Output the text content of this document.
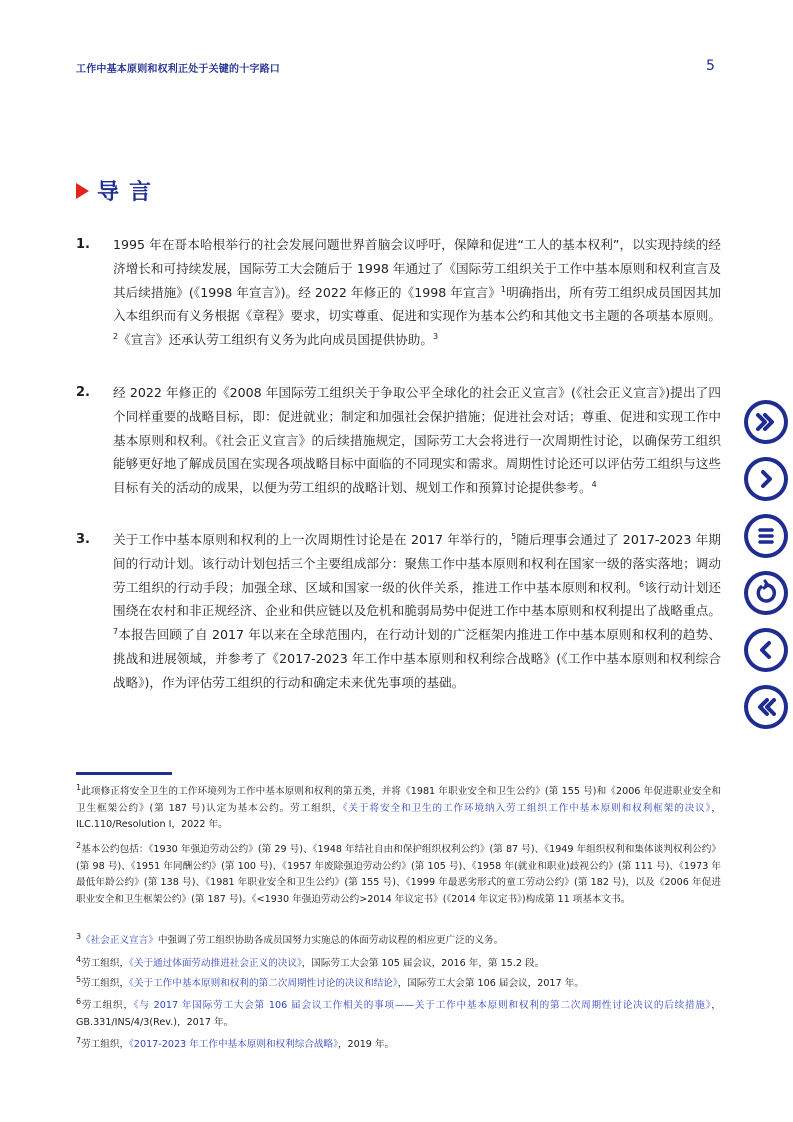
工作中基本原则和权利正处于关键的十字路口	5
导言
1.	1995 年在哥本哈根举行的社会发展问题世界首脑会议呼吁，保障和促进“工人的基本权利”，以实现持续的经济增长和可持续发展，国际劳工大会随后于 1998 年通过了《国际劳工组织关于工作中基本原则和权利宣言及其后续措施》(《1998 年宣言》)。经 2022 年修正的《1998 年宣言》$^1$明确指出，所有劳工组织成员国因其加入本组织而有义务根据《章程》要求，切实尊重、促进和实现作为基本公约和其他文书主题的各项基本原则。$^2$《宣言》还承认劳工组织有义务为此向成员国提供协助。$^3$
2.	经 2022 年修正的《2008 年国际劳工组织关于争取公平全球化的社会正义宣言》(《社会正义宣言》)提出了四个同样重要的战略目标，即：促进就业；制定和加强社会保护措施；促进社会对话；尊重、促进和实现工作中基本原则和权利。《社会正义宣言》的后续措施规定，国际劳工大会将进行一次周期性讨论，以确保劳工组织能够更好地了解成员国在实现各项战略目标中面临的不同现实和需求。周期性讨论还可以评估劳工组织与这些目标有关的活动的成果，以便为劳工组织的战略计划、规划工作和预算讨论提供参考。$^4$
3.	关于工作中基本原则和权利的上一次周期性讨论是在 2017 年举行的，$^5$随后理事会通过了 2017-2023 年期间的行动计划。该行动计划包括三个主要组成部分：聚焦工作中基本原则和权利在国家一级的落实落地；调动劳工组织的行动手段；加强全球、区域和国家一级的伙伴关系，推进工作中基本原则和权利。$^6$该行动计划还围绕在农村和非正规经济、企业和供应链以及危机和脆弱局势中促进工作中基本原则和权利提出了战略重点。$^7$本报告回顾了自 2017 年以来在全球范围内，在行动计划的广泛框架内推进工作中基本原则和权利的趋势、挑战和进展领域，并参考了《2017-2023 年工作中基本原则和权利综合战略》(《工作中基本原则和权利综合战略》)，作为评估劳工组织的行动和确定未来优先事项的基础。
$^1$此项修正将安全卫生的工作环境列为工作中基本原则和权利的第五类，并将《1981 年职业安全和卫生公约》(第 155 号)和《2006 年促进职业安全和卫生框架公约》(第 187 号)认定为基本公约。劳工组织，《关于将安全和卫生的工作环境纳入劳工组织工作中基本原则和权利框架的决议》，ILC.110/Resolution I，2022 年。
$^2$基本公约包括：《1930 年强迫劳动公约》(第 29 号)、《1948 年结社自由和保护组织权利公约》(第 87 号)、《1949 年组织权利和集体谈判权利公约》(第 98 号)、《1951 年同酬公约》(第 100 号)、《1957 年废除强迫劳动公约》(第 105 号)、《1958 年(就业和职业)歧视公约》(第 111 号)、《1973 年最低年龄公约》(第 138 号)、《1981 年职业安全和卫生公约》(第 155 号)、《1999 年最恶劣形式的童工劳动公约》(第 182 号)，以及《2006 年促进职业安全和卫生框架公约》(第 187 号)。《<1930 年强迫劳动公约>2014 年议定书》(《2014 年议定书》)构成第 11 项基本文书。
$^3$《社会正义宣言》中强调了劳工组织协助各成员国努力实施总的体面劳动议程的相应更广泛的义务。
$^4$劳工组织，《关于通过体面劳动推进社会正义的决议》，国际劳工大会第 105 届会议，2016 年，第 15.2 段。
$^5$劳工组织，《关于工作中基本原则和权利的第二次周期性讨论的决议和结论》，国际劳工大会第 106 届会议，2017 年。
$^6$劳工组织，《与 2017 年国际劳工大会第 106 届会议工作相关的事项——关于工作中基本原则和权利的第二次周期性讨论决议的后续措施》，GB.331/INS/4/3(Rev.)，2017 年。
$^7$劳工组织，《2017-2023 年工作中基本原则和权利综合战略》，2019 年。
